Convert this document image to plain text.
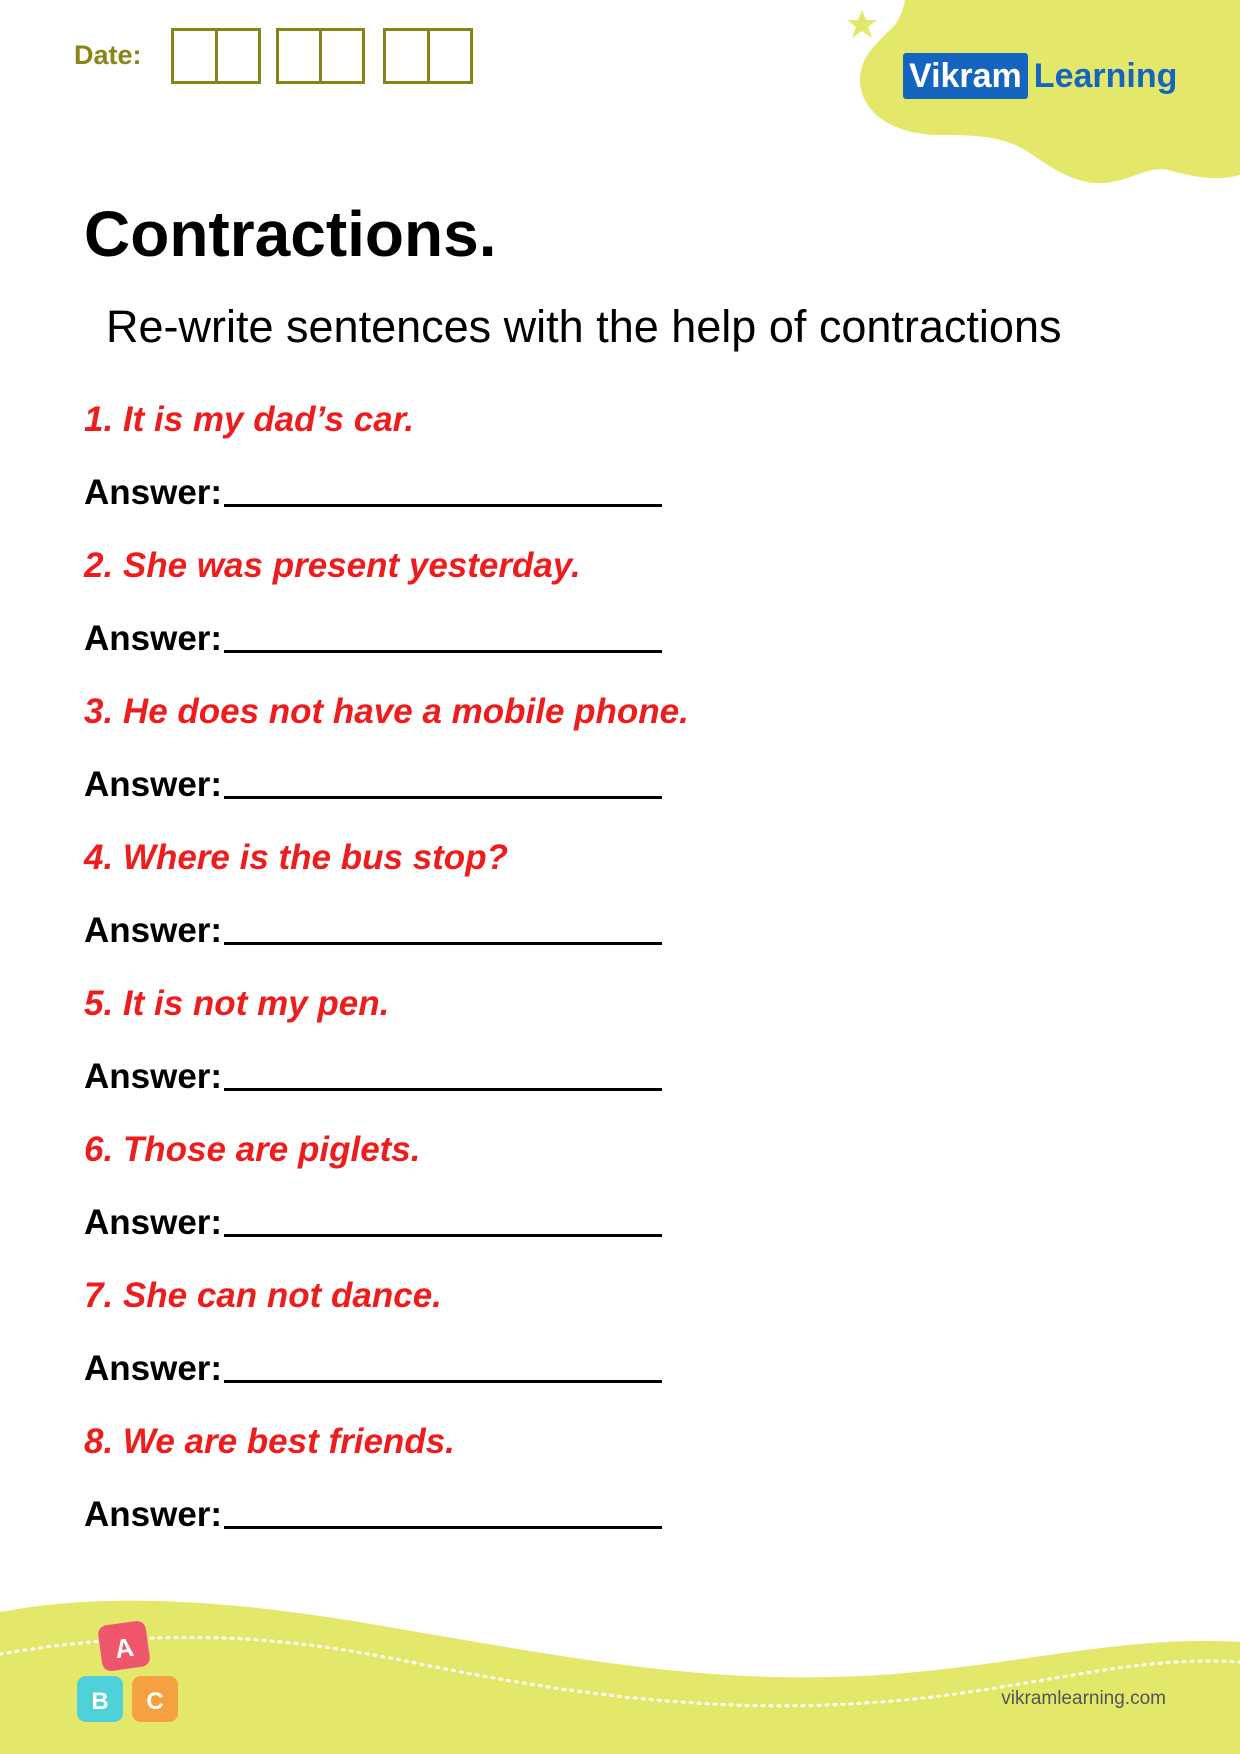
A
B C
Date:
Vikram Learning
Contractions.
Re-write sentences with the help of contractions
1. It is my dad’s car.
Answer:
2. She was present yesterday.
Answer:
3. He does not have a mobile phone.
Answer:
4. Where is the bus stop?
Answer:
5. It is not my pen.
Answer:
6. Those are piglets.
Answer:
7. She can not dance.
Answer:
8. We are best friends.
Answer:
vikramlearning.com
